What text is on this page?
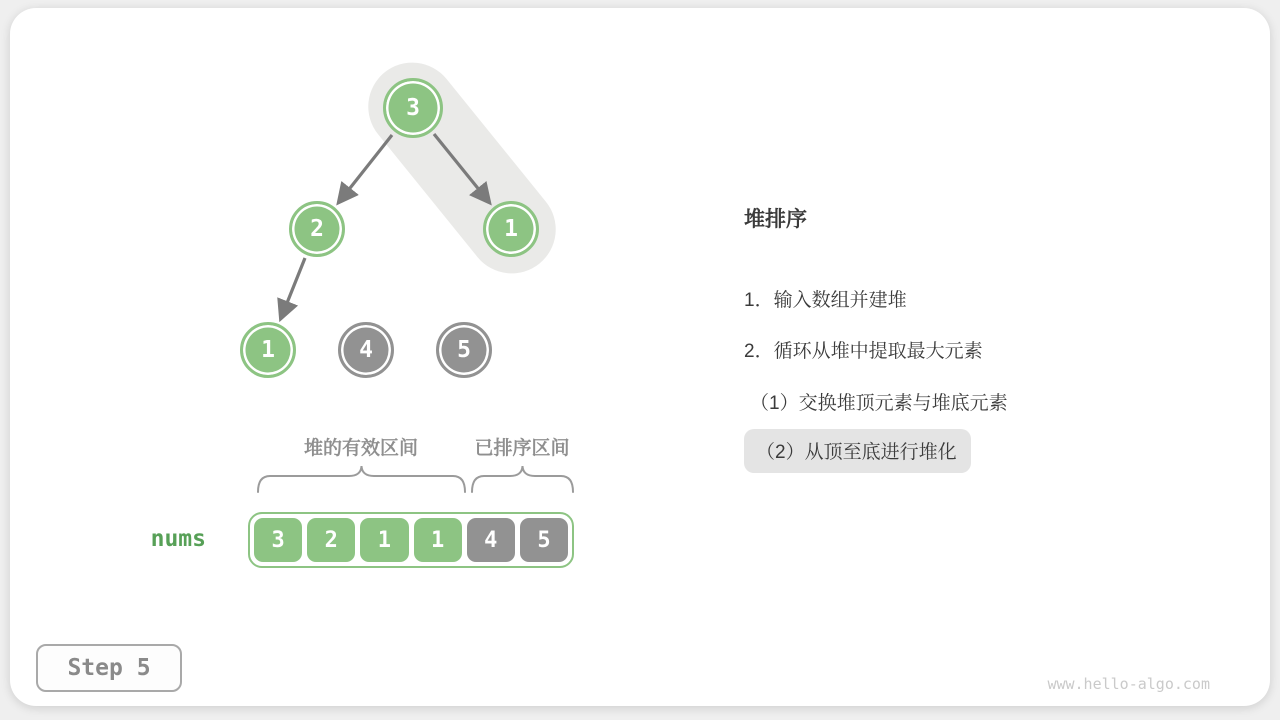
3
2	1
1	4	5
堆的有效区间	已排序区间
nums	3	2	1	1	4	5
堆排序
1．输入数组并建堆
2．循环从堆中提取最大元素
（1）交换堆顶元素与堆底元素
（2）从顶至底进行堆化
Step 5
www.hello-algo.com
